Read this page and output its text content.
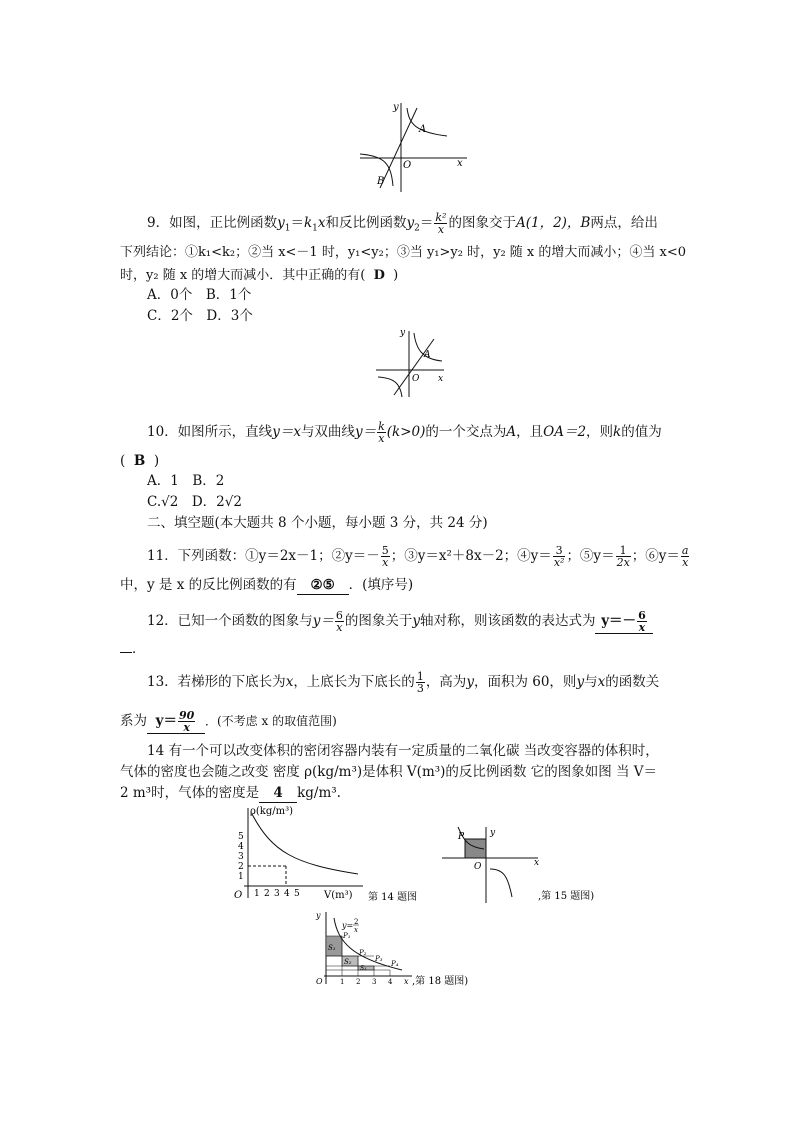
y
x
O
A
B
9．如图，正比例函数$y_1=k_1x$和反比例函数$y_2= \frac{\text{k²}}{x}$ 的图象交于A(1，2)，B两点，给出
下列结论：①k₁<k₂；②当 x<－1 时，y₁<y₂；③当 y₁>y₂ 时，y₂ 随 x 的增大而减小；④当 x<0
时，y₂ 随 x 的增大而减小．其中正确的有( D )
A．0个　B．1个
C．2个　D．3个
y
x
O
A
10．如图所示，直线y＝x与双曲线$y= \frac{k}{x} (k>0)$的一个交点为A，且OA＝2，则k的值为
( B )
A．1　B．2
C.√2　D．2√2
二、填空题(本大题共 8 个小题，每小题 3 分，共 24 分)
11．下列函数：①y＝2x－1；②y＝－ $\frac{5}{x}$ ；③y＝x²＋8x－2；④y＝ $\frac{3}{\text{x²}}$ ；⑤y＝ $\frac{1}{2x}$ ；⑥y＝ $\frac{a}{x}$
中，y 是 x 的反比例函数的有 ②⑤ ．(填序号)
12．已知一个函数的图象与$y= \frac{6}{x}$ 的图象关于y轴对称，则该函数的表达式为 $y=- \frac{6}{x}$
．
13．若梯形的下底长为x，上底长为下底长的 $\frac{1}{3}$ ，高为y，面积为 60，则y与x的函数关
系为 $y= \frac{90}{x}$ ．(不考虑 x 的取值范围)
14 有一个可以改变体积的密闭容器内装有一定质量的二氧化碳 当改变容器的体积时，
气体的密度也会随之改变 密度 ρ(kg/m³)是体积 V(m³)的反比例函数 它的图象如图 当 V＝
2 m³时，气体的密度是 4 kg/m³.
ρ(kg/m³)
V(m³)
O
1
2
3
4
5
1 2 3 4 5	第 14 题图
y
x
O
P
,第 15 题图)
y
x
O
y= 2
x
P₁
P₂
P₃
P₄
S₁
S₂
S₃
1 2 3 4 ,第 18 题图)
